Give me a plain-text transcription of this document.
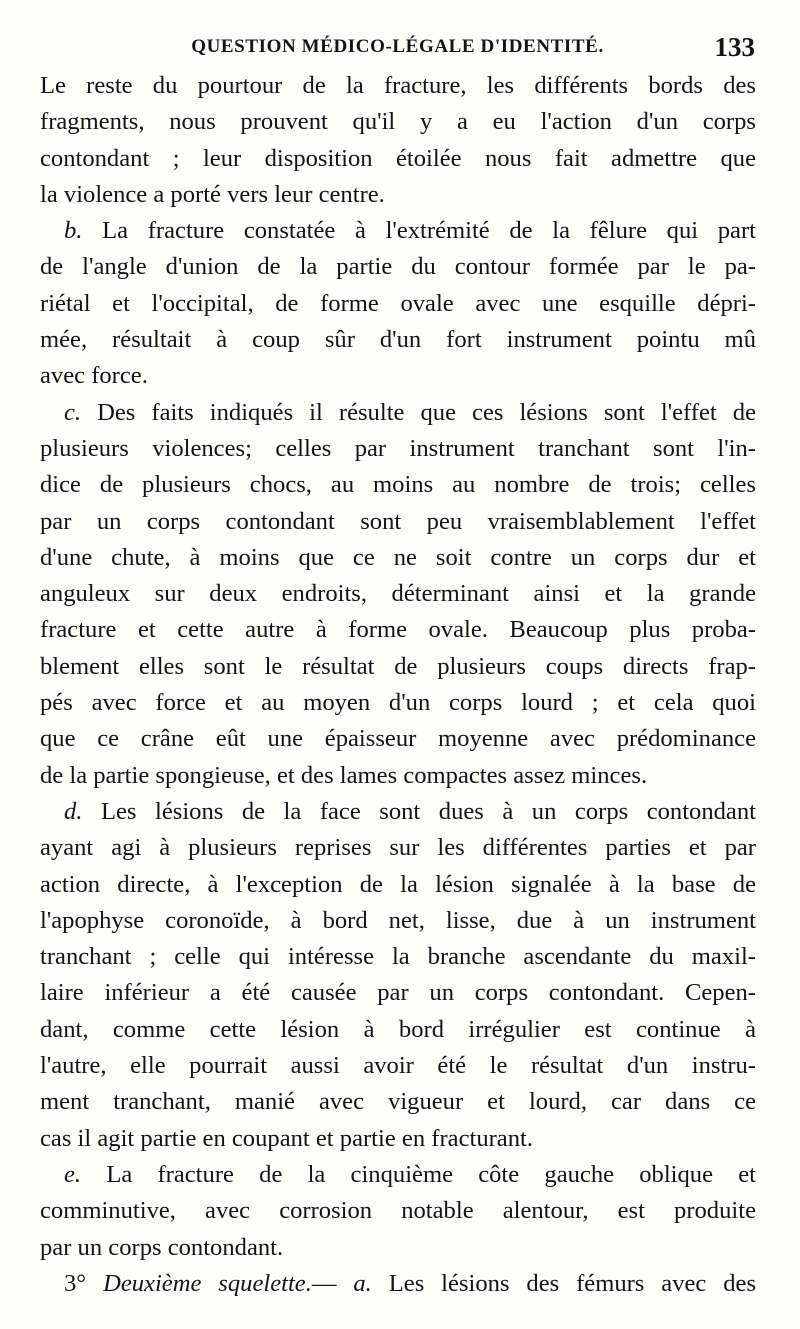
QUESTION MÉDICO-LÉGALE D'IDENTITÉ.	133
Le reste du pourtour de la fracture, les différents bords des
fragments, nous prouvent qu'il y a eu l'action d'un corps
contondant ; leur disposition étoilée nous fait admettre que
la violence a porté vers leur centre.
b. La fracture constatée à l'extrémité de la fêlure qui part
de l'angle d'union de la partie du contour formée par le pa-
riétal et l'occipital, de forme ovale avec une esquille dépri-
mée, résultait à coup sûr d'un fort instrument pointu mû
avec force.
c. Des faits indiqués il résulte que ces lésions sont l'effet de
plusieurs violences; celles par instrument tranchant sont l'in-
dice de plusieurs chocs, au moins au nombre de trois; celles
par un corps contondant sont peu vraisemblablement l'effet
d'une chute, à moins que ce ne soit contre un corps dur et
anguleux sur deux endroits, déterminant ainsi et la grande
fracture et cette autre à forme ovale. Beaucoup plus proba-
blement elles sont le résultat de plusieurs coups directs frap-
pés avec force et au moyen d'un corps lourd ; et cela quoi
que ce crâne eût une épaisseur moyenne avec prédominance
de la partie spongieuse, et des lames compactes assez minces.
d. Les lésions de la face sont dues à un corps contondant
ayant agi à plusieurs reprises sur les différentes parties et par
action directe, à l'exception de la lésion signalée à la base de
l'apophyse coronoïde, à bord net, lisse, due à un instrument
tranchant ; celle qui intéresse la branche ascendante du maxil-
laire inférieur a été causée par un corps contondant. Cepen-
dant, comme cette lésion à bord irrégulier est continue à
l'autre, elle pourrait aussi avoir été le résultat d'un instru-
ment tranchant, manié avec vigueur et lourd, car dans ce
cas il agit partie en coupant et partie en fracturant.
e. La fracture de la cinquième côte gauche oblique et
comminutive, avec corrosion notable alentour, est produite
par un corps contondant.
3° Deuxième squelette.— a. Les lésions des fémurs avec des
